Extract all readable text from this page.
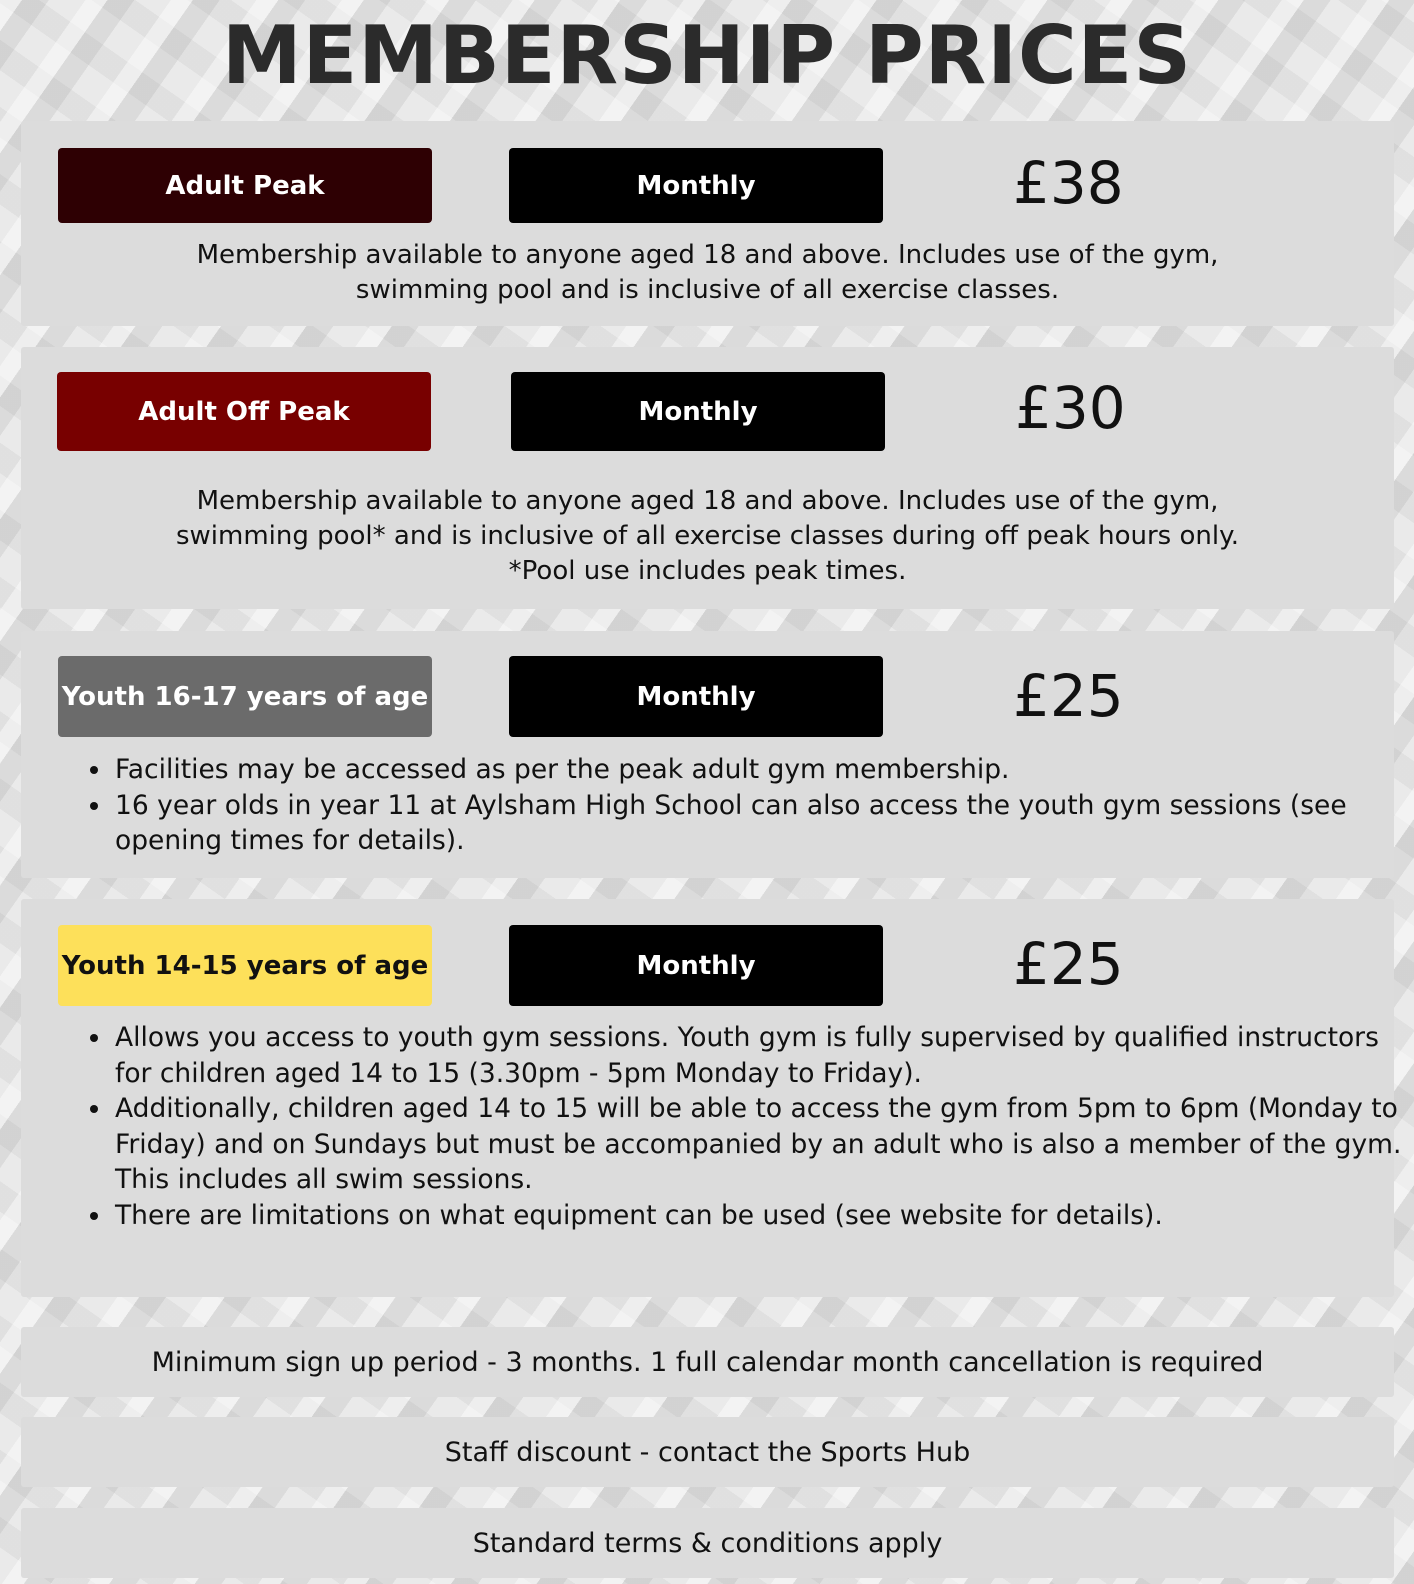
MEMBERSHIP PRICES
Adult Peak	Monthly	£38
Membership available to anyone aged 18 and above. Includes use of the gym,
swimming pool and is inclusive of all exercise classes.
Adult Off Peak	Monthly	£30
Membership available to anyone aged 18 and above. Includes use of the gym,
swimming pool* and is inclusive of all exercise classes during off peak hours only.
*Pool use includes peak times.
Youth 16-17 years of age	Monthly	£25
• Facilities may be accessed as per the peak adult gym membership.
• 16 year olds in year 11 at Aylsham High School can also access the youth gym sessions (see opening times for details).
Youth 14-15 years of age	Monthly	£25
• Allows you access to youth gym sessions. Youth gym is fully supervised by qualified instructors for children aged 14 to 15 (3.30pm - 5pm Monday to Friday).
• Additionally, children aged 14 to 15 will be able to access the gym from 5pm to 6pm (Monday to Friday) and on Sundays but must be accompanied by an adult who is also a member of the gym. This includes all swim sessions.
• There are limitations on what equipment can be used (see website for details).
Minimum sign up period - 3 months. 1 full calendar month cancellation is required
Staff discount - contact the Sports Hub
Standard terms & conditions apply
